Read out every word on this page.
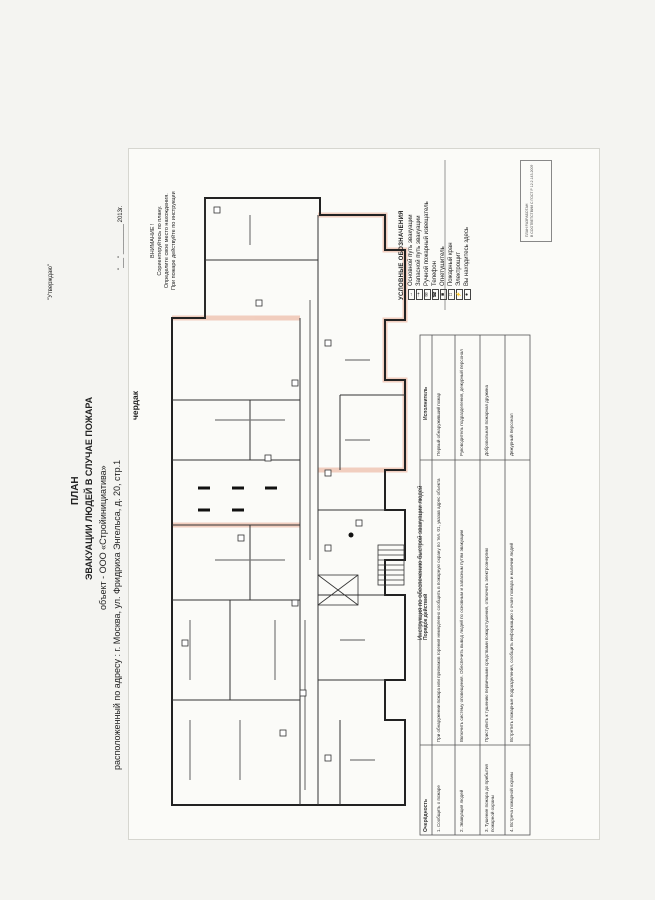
ПЛАН ЭВАКУАЦИИ ЛЮДЕЙ В СЛУЧАЕ ПОЖАРА объект - ООО «Стройинициатива» расположенный по адресу : г. Москва, ул. Фридриха Энгельса, д. 20, стр.1
чердак
"Утверждаю"
"___" _________ 2013г.	ВНИМАНИЕ ! Сориентируйтесь по плану. Определите свое место нахождения. При пожаре действуйте по инструкции	УСЛОВНЫЕ ОБОЗНАЧЕНИЯ →
Основной путь эвакуации
⇢
Запасной путь эвакуации
✉
Ручной пожарный извещатель
☎
Телефон
■
Огнетушитель
□
Пожарный кран
⚡
Электрощит
●
Вы находитесь здесь
ПЛАН РАЗРАБОТАН В СООТВЕТСТВИИ С ГОСТ Р 12.2.143-2009
Инструкция по обеспечению быстрой эвакуации людей
Очерёдность
Порядок действий
Исполнитель
1. Сообщить о пожаре
При обнаружении пожара или признаков горения немедленно сообщить в пожарную охрану по тел. 01, указав адрес объекта
Первый обнаруживший пожар
2. Эвакуация людей
Включить систему оповещения. Обеспечить вывод людей по основным и запасным путям эвакуации
Руководитель подразделения, дежурный персонал
3. Тушение пожара до прибытия пожарной охраны
Приступить к тушению первичными средствами пожаротушения, отключить электроэнергию
Добровольная пожарная дружина
4. Встреча пожарной охраны
Встретить пожарные подразделения, сообщить информацию о очаге пожара и наличии людей
Дежурный персонал
